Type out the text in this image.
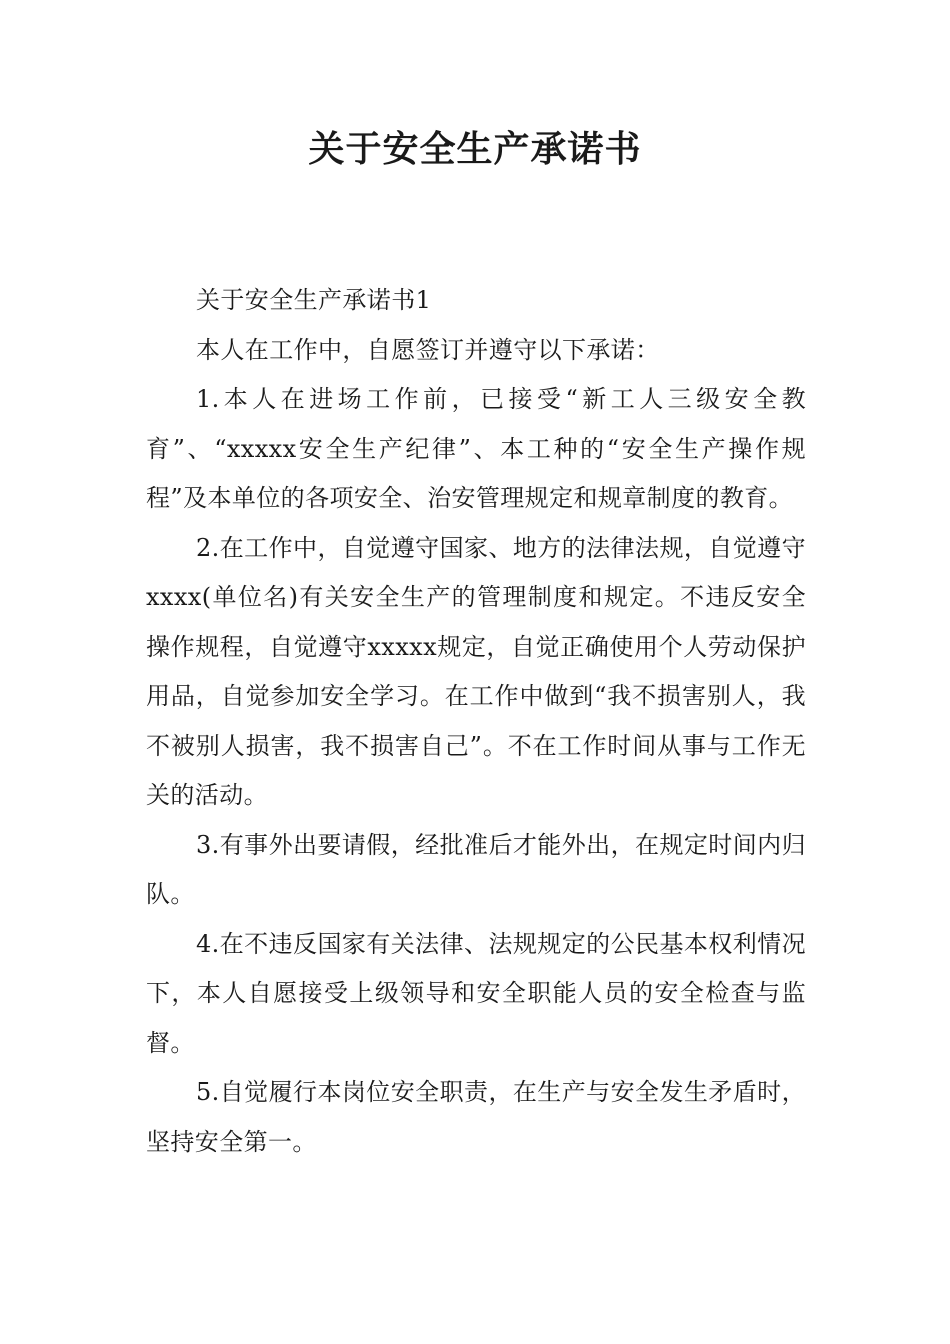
关于安全生产承诺书

关于安全生产承诺书1

本人在工作中，自愿签订并遵守以下承诺：

1.本人在进场工作前，已接受“新工人三级安全教育”、“xxxxx安全生产纪律”、本工种的“安全生产操作规程”及本单位的各项安全、治安管理规定和规章制度的教育。

2.在工作中，自觉遵守国家、地方的法律法规，自觉遵守xxxx(单位名)有关安全生产的管理制度和规定。不违反安全操作规程，自觉遵守xxxxx规定，自觉正确使用个人劳动保护用品，自觉参加安全学习。在工作中做到“我不损害别人，我不被别人损害，我不损害自己”。不在工作时间从事与工作无关的活动。

3.有事外出要请假，经批准后才能外出，在规定时间内归队。

4.在不违反国家有关法律、法规规定的公民基本权利情况下，本人自愿接受上级领导和安全职能人员的安全检查与监督。

5.自觉履行本岗位安全职责，在生产与安全发生矛盾时，坚持安全第一。
